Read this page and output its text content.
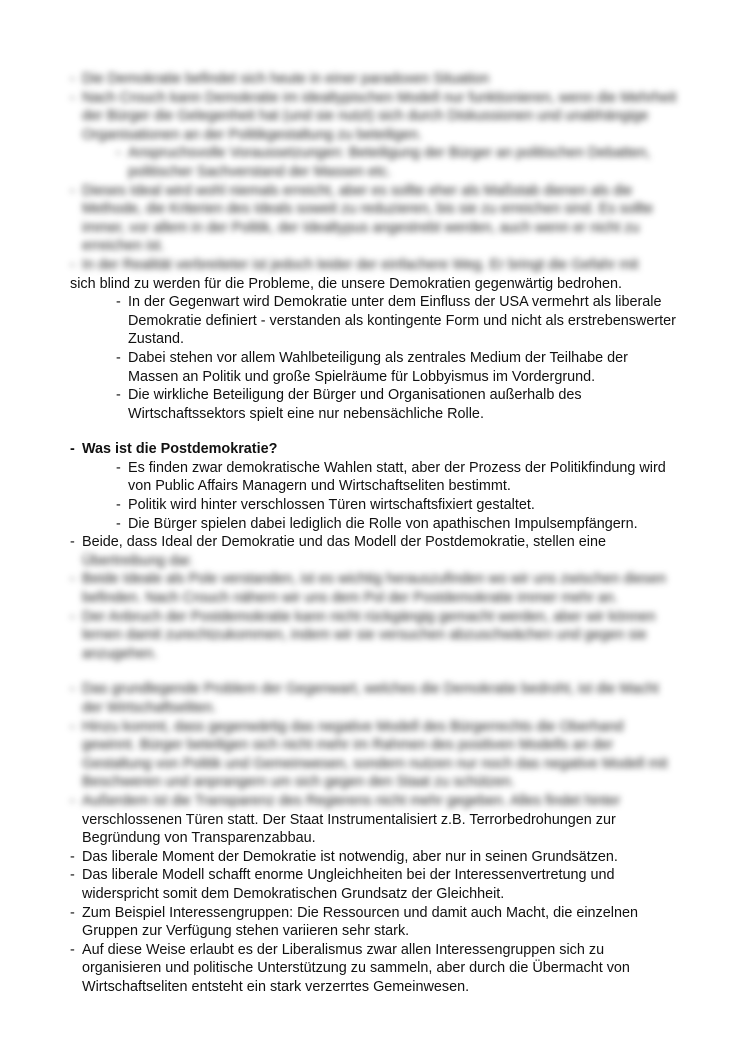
- Die Demokratie befindet sich heute in einer paradoxen Situation
- Nach Crouch kann Demokratie im idealtypischen Modell nur funktionieren, wenn die Mehrheit der Bürger die Gelegenheit hat (und sie nutzt) sich durch Diskussionen und unabhängige Organisationen an der Politikgestaltung zu beteiligen.
- Anspruchsvolle Voraussetzungen: Beteiligung der Bürger an politischen Debatten, politischer Sachverstand der Massen etc.
- Dieses Ideal wird wohl niemals erreicht, aber es sollte eher als Maßstab dienen als die Methode, die Kriterien des Ideals soweit zu reduzieren, bis sie zu erreichen sind. Es sollte immer, vor allem in der Politik, der Idealtypus angestrebt werden, auch wenn er nicht zu erreichen ist.
- In der Realität verbreiteter ist jedoch leider der einfachere Weg. Er bringt die Gefahr mit
sich blind zu werden für die Probleme, die unsere Demokratien gegenwärtig bedrohen.
- In der Gegenwart wird Demokratie unter dem Einfluss der USA vermehrt als liberale Demokratie definiert - verstanden als kontingente Form und nicht als erstrebenswerter Zustand.
- Dabei stehen vor allem Wahlbeteiligung als zentrales Medium der Teilhabe der Massen an Politik und große Spielräume für Lobbyismus im Vordergrund.
- Die wirkliche Beteiligung der Bürger und Organisationen außerhalb des Wirtschaftssektors spielt eine nur nebensächliche Rolle.
- Was ist die Postdemokratie?
- Es finden zwar demokratische Wahlen statt, aber der Prozess der Politikfindung wird von Public Affairs Managern und Wirtschaftseliten bestimmt.
- Politik wird hinter verschlossen Türen wirtschaftsfixiert gestaltet.
- Die Bürger spielen dabei lediglich die Rolle von apathischen Impulsempfängern.
- Beide, dass Ideal der Demokratie und das Modell der Postdemokratie, stellen eine
Übertreibung dar.
- Beide Ideale als Pole verstanden, ist es wichtig herauszufinden wo wir uns zwischen diesen befinden. Nach Crouch nähern wir uns dem Pol der Postdemokratie immer mehr an.
- Der Anbruch der Postdemokratie kann nicht rückgängig gemacht werden, aber wir können lernen damit zurechtzukommen, indem wir sie versuchen abzuschwächen und gegen sie anzugehen.
- Das grundlegende Problem der Gegenwart, welches die Demokratie bedroht, ist die Macht der Wirtschaftseliten.
- Hinzu kommt, dass gegenwärtig das negative Modell des Bürgerrechts die Oberhand gewinnt. Bürger beteiligen sich nicht mehr im Rahmen des positiven Modells an der Gestaltung von Politik und Gemeinwesen, sondern nutzen nur noch das negative Modell mit Beschweren und anprangern um sich gegen den Staat zu schützen.
- Außerdem ist die Transparenz des Regierens nicht mehr gegeben. Alles findet hinter
verschlossenen Türen statt. Der Staat Instrumentalisiert z.B. Terrorbedrohungen zur Begründung von Transparenzabbau.
- Das liberale Moment der Demokratie ist notwendig, aber nur in seinen Grundsätzen.
- Das liberale Modell schafft enorme Ungleichheiten bei der Interessenvertretung und widerspricht somit dem Demokratischen Grundsatz der Gleichheit.
- Zum Beispiel Interessengruppen: Die Ressourcen und damit auch Macht, die einzelnen Gruppen zur Verfügung stehen variieren sehr stark.
- Auf diese Weise erlaubt es der Liberalismus zwar allen Interessengruppen sich zu organisieren und politische Unterstützung zu sammeln, aber durch die Übermacht von Wirtschaftseliten entsteht ein stark verzerrtes Gemeinwesen.
